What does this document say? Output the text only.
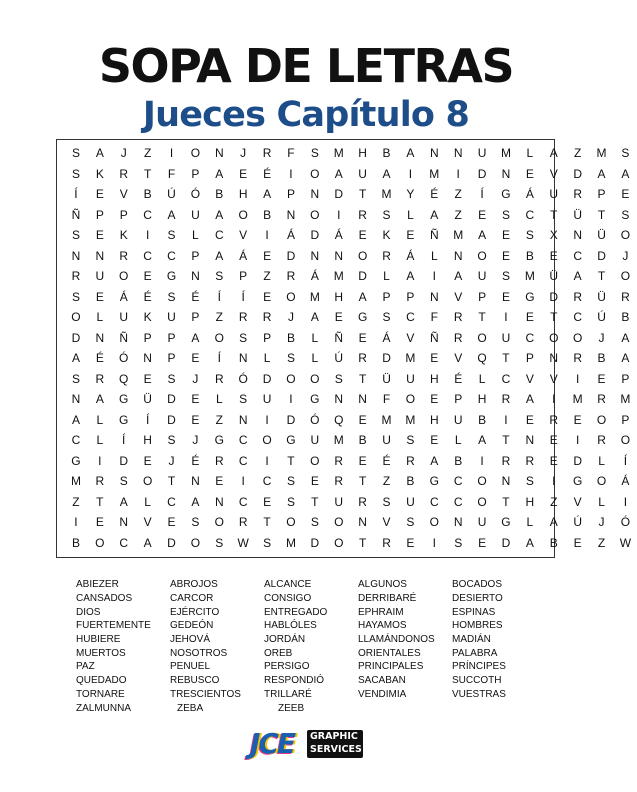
SOPA DE LETRAS
Jueces Capítulo 8
S	A	J	Z	I	O	N	J	R	F	S	M	H	B	A	N	N	U	M	L	A	Z	M	S
S	K	R	T	F	P	A	E	É	I	O	A	U	A	I	M	I	D	N	E	V	D	A	A
Í	E	V	B	Ú	Ó	B	H	A	P	N	D	T	M	Y	É	Z	Í	G	Á	U	R	P	E
Ñ	P	P	C	A	U	A	O	B	N	O	I	R	S	L	A	Z	E	S	C	T	Ü	T	S
S	E	K	I	S	L	C	V	I	Á	D	Á	E	K	E	Ñ	M	A	E	S	X	N	Ü	O
N	N	R	C	C	P	A	Á	E	D	N	N	O	R	Á	L	N	O	E	B	E	C	D	J
R	U	O	E	G	N	S	P	Z	R	Á	M	D	L	A	I	A	U	S	M	Ü	A	T	O
S	E	Á	É	S	É	Í	Í	E	O	M	H	A	P	P	N	V	P	E	G	D	R	Ü	R
O	L	U	K	U	P	Z	R	R	J	A	E	G	S	C	F	R	T	I	E	T	C	Ú	B
D	N	Ñ	P	P	A	O	S	P	B	L	Ñ	E	Á	V	Ñ	R	O	U	C	O	O	J	A
A	É	Ó	N	P	E	Í	N	L	S	L	Ú	R	D	M	E	V	Q	T	P	N	R	B	A
S	R	Q	E	S	J	R	Ó	D	O	O	S	T	Ü	U	H	É	L	C	V	V	I	E	P
N	A	G	Ü	D	E	L	S	U	I	G	N	N	F	O	E	P	H	R	A	I	M	R	M
A	L	G	Í	D	E	Z	N	I	D	Ó	Q	E	M	M	H	U	B	I	E	R	E	O	P
C	L	Í	H	S	J	G	C	O	G	U	M	B	U	S	E	L	A	T	N	E	I	R	O
G	I	D	E	J	É	R	C	I	T	O	R	E	É	R	A	B	I	R	R	E	D	L	Í
M	R	S	O	T	N	E	I	C	S	E	R	T	Z	B	G	C	O	N	S	I	G	O	Á
Z	T	A	L	C	A	N	C	E	S	T	U	R	S	U	C	C	O	T	H	Z	V	L	I
I	E	N	V	E	S	O	R	T	O	S	O	N	V	S	O	N	U	G	L	A	Ú	J	Ó
B	O	C	A	D	O	S	W	S	M	D	O	T	R	E	I	S	E	D	A	B	E	Z	W
ABIEZER	ABROJOS	ALCANCE	ALGUNOS	BOCADOS
CANSADOS	CARCOR	CONSIGO	DERRIBARÉ	DESIERTO
DIOS	EJÉRCITO	ENTREGADO	EPHRAIM	ESPINAS
FUERTEMENTE	GEDEÓN	HABLÓLES	HAYAMOS	HOMBRES
HUBIERE	JEHOVÁ	JORDÁN	LLAMÁNDONOS	MADIÁN
MUERTOS	NOSOTROS	OREB	ORIENTALES	PALABRA
PAZ	PENUEL	PERSIGO	PRINCIPALES	PRÍNCIPES
QUEDADO	REBUSCO	RESPONDIÓ	SACABAN	SUCCOTH
TORNARE	TRESCIENTOS	TRILLARÉ	VENDIMIA	VUESTRAS
ZALMUNNA	ZEBA	ZEEB
JCE	GRAPHIC
SERVICES
